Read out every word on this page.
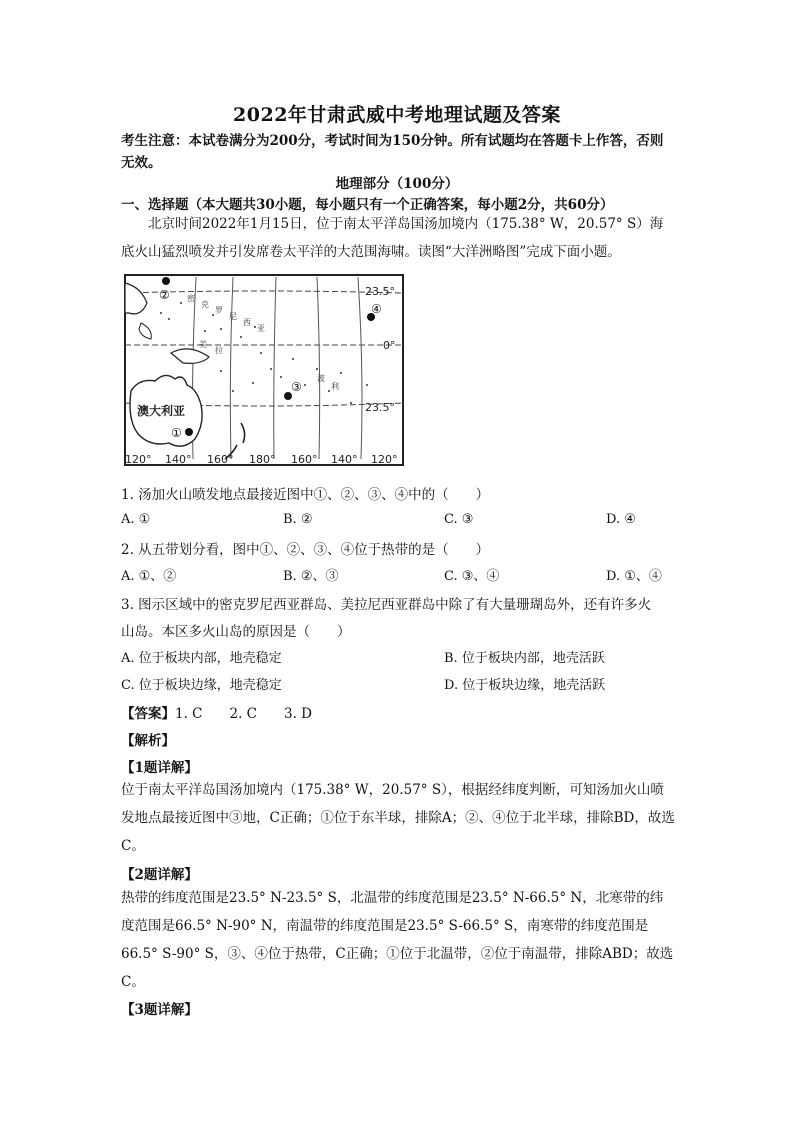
2022年甘肃武威中考地理试题及答案
考生注意：本试卷满分为200分，考试时间为150分钟。所有试题均在答题卡上作答，否则无效。
地理部分（100分）
一、选择题（本大题共30小题，每小题只有一个正确答案，每小题2分，共60分）
北京时间2022年1月15日，位于南太平洋岛国汤加境内（175.38° W，20.57° S）海底火山猛烈喷发并引发席卷太平洋的大范围海啸。读图“大洋洲略图”完成下面小题。
密
克
罗
尼
西
亚
美
拉
波
利
23.5°
0°
23.5°
澳大利亚
②
④
③
①
120° 140° 160° 180° 160° 140° 120°
1. 汤加火山喷发地点最接近图中①、②、③、④中的（　　）
A. ①	B. ②	C. ③	D. ④
2. 从五带划分看，图中①、②、③、④位于热带的是（　　）
A. ①、②	B. ②、③	C. ③、④	D. ①、④
3. 图示区域中的密克罗尼西亚群岛、美拉尼西亚群岛中除了有大量珊瑚岛外，还有许多火
山岛。本区多火山岛的原因是（　　）
A. 位于板块内部，地壳稳定	B. 位于板块内部，地壳活跃
C. 位于板块边缘，地壳稳定	D. 位于板块边缘，地壳活跃
【答案】1. C　　2. C　　3. D
【解析】
【1题详解】
位于南太平洋岛国汤加境内（175.38° W，20.57° S），根据经纬度判断，可知汤加火山喷发地点最接近图中③地，C正确；①位于东半球，排除A；②、④位于北半球，排除BD，故选C。
【2题详解】
热带的纬度范围是23.5° N-23.5° S，北温带的纬度范围是23.5° N-66.5° N，北寒带的纬度范围是66.5° N-90° N，南温带的纬度范围是23.5° S-66.5° S，南寒带的纬度范围是66.5° S-90° S，③、④位于热带，C正确；①位于北温带，②位于南温带，排除ABD；故选C。
【3题详解】
